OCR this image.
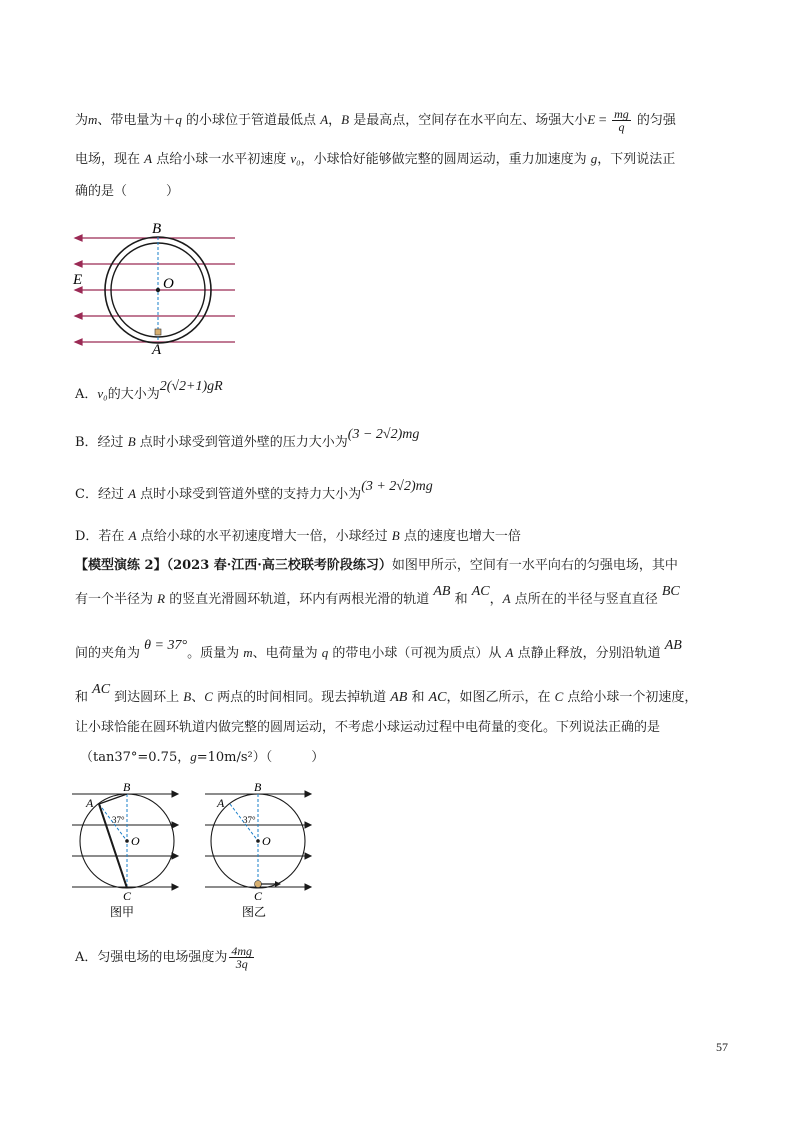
为m、带电量为＋q 的小球位于管道最低点 A，B 是最高点，空间存在水平向左、场强大小$E = \frac{mg}{q}$ 的匀强
电场，现在 A 点给小球一水平初速度 v₀，小球恰好能够做完整的圆周运动，重力加速度为 g，下列说法正
确的是（　　　）
B
O
E
A
A．v₀的大小为2(√2+1)gR
B．经过 B 点时小球受到管道外壁的压力大小为(3 − 2√2)mg
C．经过 A 点时小球受到管道外壁的支持力大小为(3 + 2√2)mg
D．若在 A 点给小球的水平初速度增大一倍，小球经过 B 点的速度也增大一倍
【模型演练 2】（2023 春·江西·高三校联考阶段练习）如图甲所示，空间有一水平向右的匀强电场，其中
有一个半径为 R 的竖直光滑圆环轨道，环内有两根光滑的轨道 AB 和 AC，A 点所在的半径与竖直直径 BC
间的夹角为 θ = 37°。质量为 m、电荷量为 q 的带电小球（可视为质点）从 A 点静止释放，分别沿轨道 AB
和 AC 到达圆环上 B、C 两点的时间相同。现去掉轨道 AB 和 AC，如图乙所示，在 C 点给小球一个初速度，
让小球恰能在圆环轨道内做完整的圆周运动，不考虑小球运动过程中电荷量的变化。下列说法正确的是
（tan37°=0.75，g=10m/s²）（　　　）
A
B
C
O
37°
图甲
A
B
C
O
37°
图乙
A．匀强电场的电场强度为 $\frac{4mg}{3q}$
57
